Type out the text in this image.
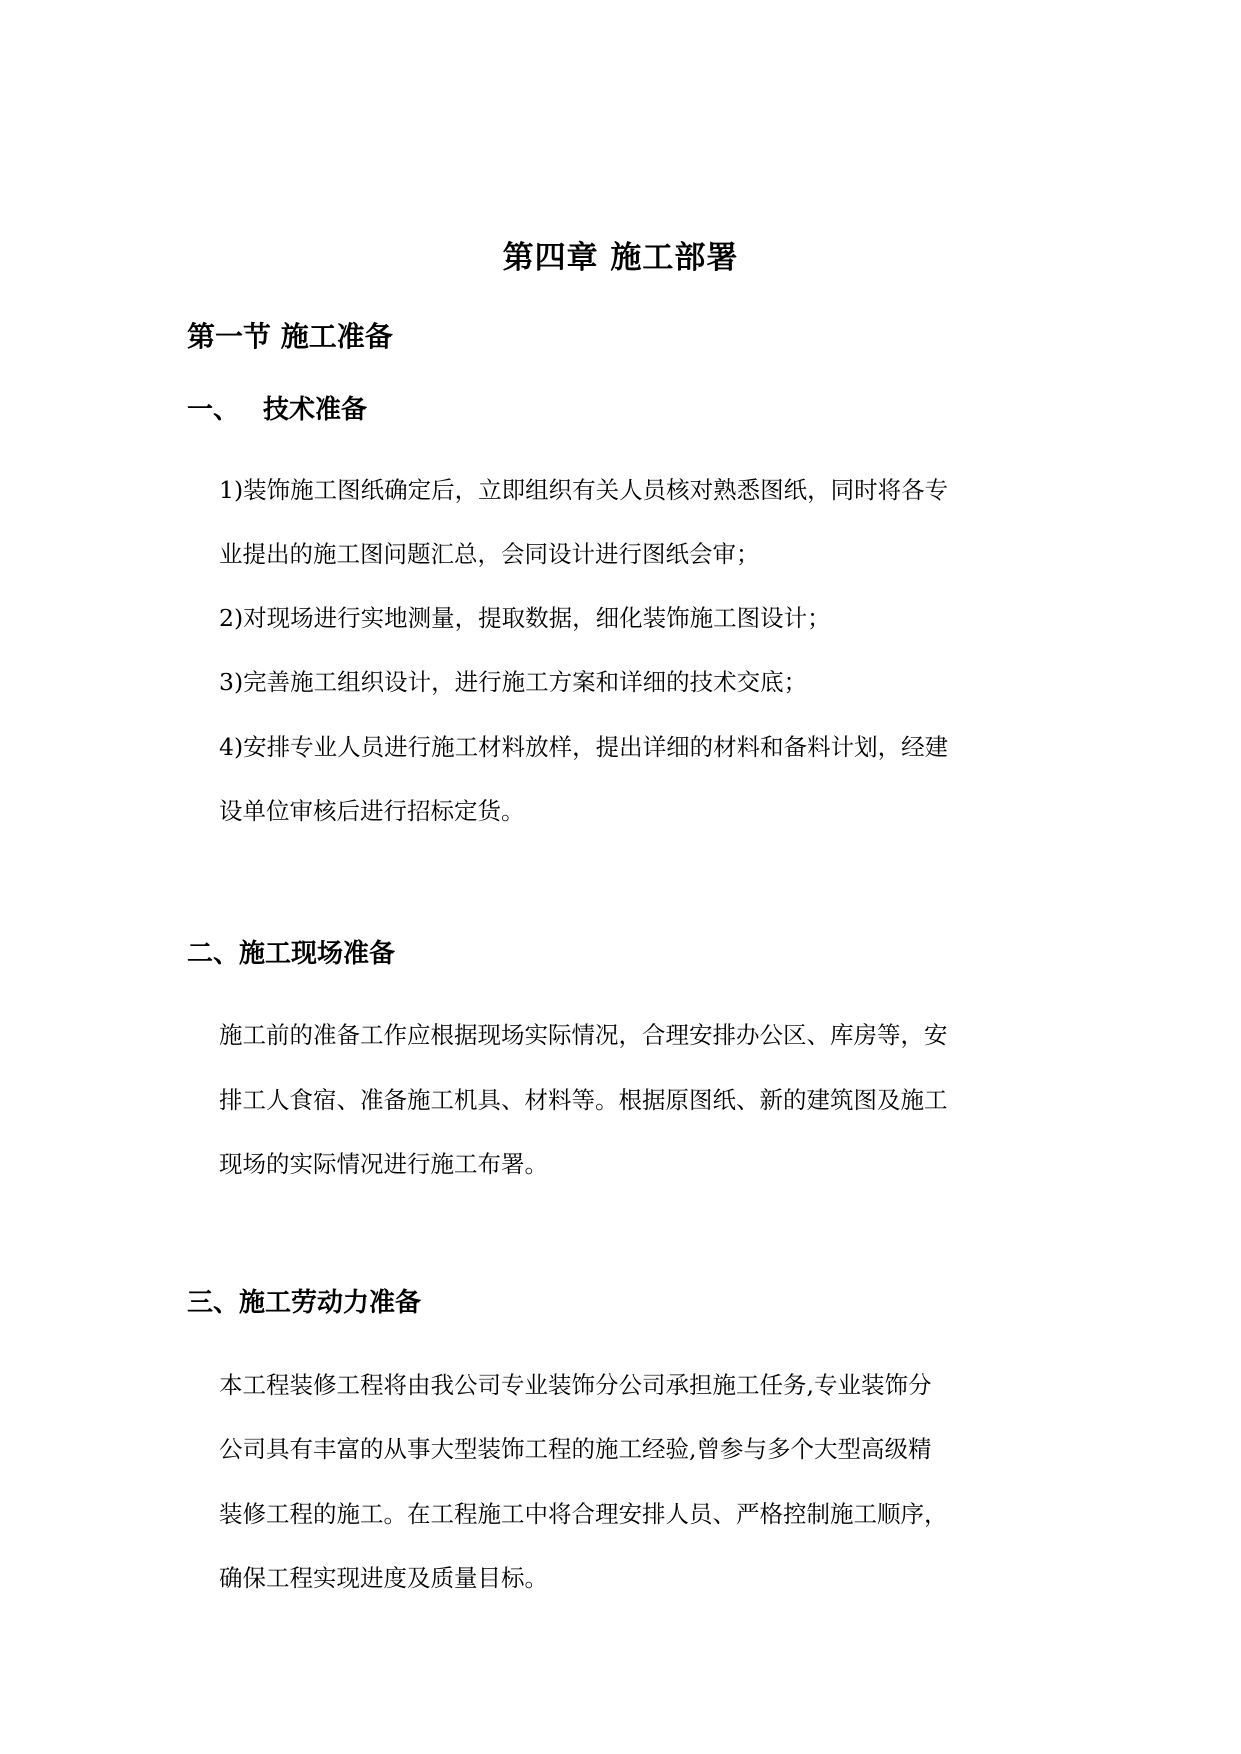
第四章 施工部署
第一节 施工准备
一、 技术准备

1)装饰施工图纸确定后，立即组织有关人员核对熟悉图纸，同时将各专

业提出的施工图问题汇总，会同设计进行图纸会审；

2)对现场进行实地测量，提取数据，细化装饰施工图设计；

3)完善施工组织设计，进行施工方案和详细的技术交底；

4)安排专业人员进行施工材料放样，提出详细的材料和备料计划，经建

设单位审核后进行招标定货。

二、施工现场准备

施工前的准备工作应根据现场实际情况，合理安排办公区、库房等，安

排工人食宿、准备施工机具、材料等。根据原图纸、新的建筑图及施工

现场的实际情况进行施工布署。

三、施工劳动力准备

本工程装修工程将由我公司专业装饰分公司承担施工任务,专业装饰分

公司具有丰富的从事大型装饰工程的施工经验,曾参与多个大型高级精

装修工程的施工。在工程施工中将合理安排人员、严格控制施工顺序，

确保工程实现进度及质量目标。
